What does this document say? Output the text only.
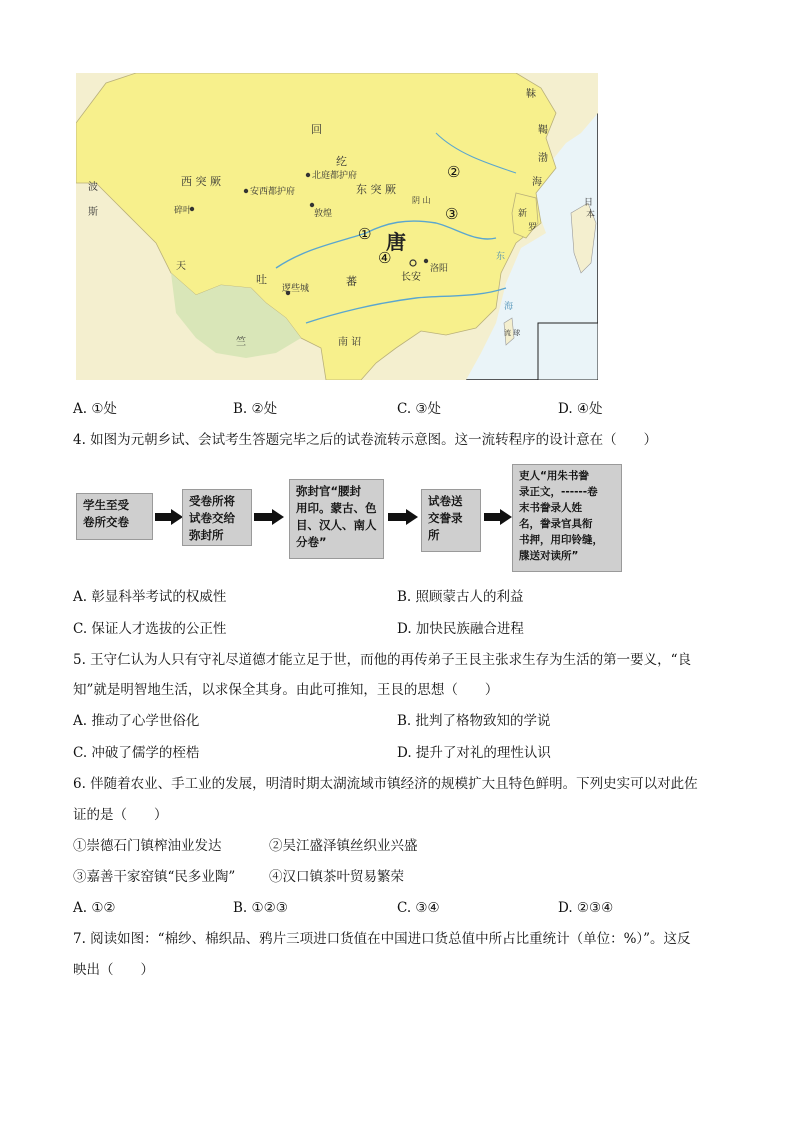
靺
鞨
渤
海
回
纥
西 突 厥
东 突 厥
碎叶
安西都护府
北庭都护府
敦煌
唐
长安
洛阳
吐	蕃
逻些城
南 诏
波
斯
天
竺
新
罗
日
本
东
海
阴 山
流 球
①
②
③
④
A. ①处	B. ②处	C. ③处	D. ④处
4. 如图为元朝乡试、会试考生答题完毕之后的试卷流转示意图。这一流转程序的设计意在（　　）
学生至受
卷所交卷
受卷所将
试卷交给
弥封所
弥封官“腰封
用印。蒙古、色
目、汉人、南人
分卷”
试卷送
交誊录
所
吏人“用朱书誊
录正文，------卷
末书誊录人姓
名，誊录官具衔
书押，用印铃缝，
牒送对读所”
A. 彰显科举考试的权威性	B. 照顾蒙古人的利益
C. 保证人才选拔的公正性	D. 加快民族融合进程
5. 王守仁认为人只有守礼尽道德才能立足于世，而他的再传弟子王艮主张求生存为生活的第一要义，“良
知”就是明智地生活，以求保全其身。由此可推知，王艮的思想（　　）
A. 推动了心学世俗化	B. 批判了格物致知的学说
C. 冲破了儒学的桎梏	D. 提升了对礼的理性认识
6. 伴随着农业、手工业的发展，明清时期太湖流域市镇经济的规模扩大且特色鲜明。下列史实可以对此佐
证的是（　　）
①崇德石门镇榨油业发达	②吴江盛泽镇丝织业兴盛
③嘉善干家窑镇“民多业陶” ④汉口镇茶叶贸易繁荣
A. ①②	B. ①②③	C. ③④	D. ②③④
7. 阅读如图：“棉纱、棉织品、鸦片三项进口货值在中国进口货总值中所占比重统计（单位：%）”。这反
映出（　　）
